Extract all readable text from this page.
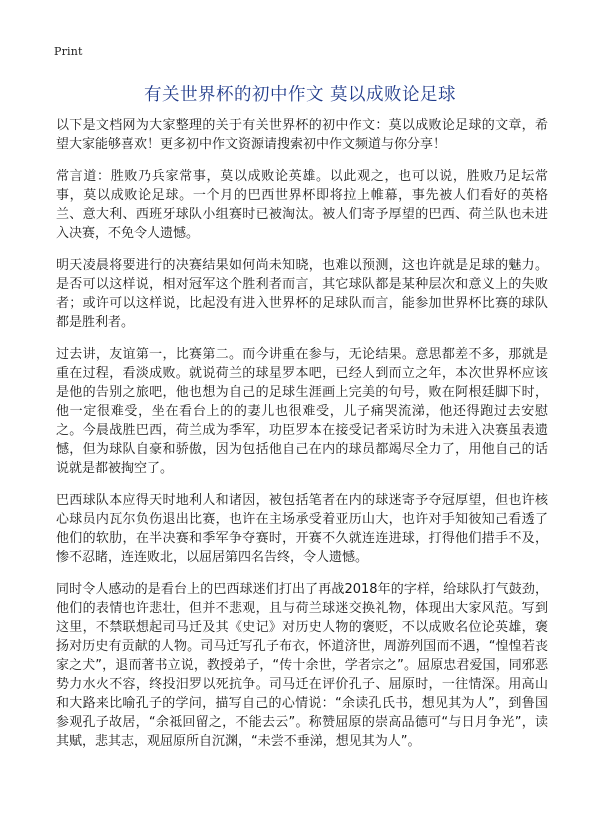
Print
有关世界杯的初中作文 莫以成败论足球

以下是文档网为大家整理的关于有关世界杯的初中作文：莫以成败论足球的文章，希望大家能够喜欢！更多初中作文资源请搜索初中作文频道与你分享！

常言道：胜败乃兵家常事，莫以成败论英雄。以此观之，也可以说，胜败乃足坛常事，莫以成败论足球。一个月的巴西世界杯即将拉上帷幕，事先被人们看好的英格兰、意大利、西班牙球队小组赛时已被淘汰。被人们寄予厚望的巴西、荷兰队也未进入决赛，不免令人遗憾。

明天凌晨将要进行的决赛结果如何尚未知晓，也难以预测，这也许就是足球的魅力。是否可以这样说，相对冠军这个胜利者而言，其它球队都是某种层次和意义上的失败者；或许可以这样说，比起没有进入世界杯的足球队而言，能参加世界杯比赛的球队都是胜利者。

过去讲，友谊第一，比赛第二。而今讲重在参与，无论结果。意思都差不多，那就是重在过程，看淡成败。就说荷兰的球星罗本吧，已经人到而立之年，本次世界杯应该是他的告别之旅吧，他也想为自己的足球生涯画上完美的句号，败在阿根廷脚下时，他一定很难受，坐在看台上的的妻儿也很难受，儿子痛哭流涕，他还得跑过去安慰之。今晨战胜巴西，荷兰成为季军，功臣罗本在接受记者采访时为未进入决赛虽表遗憾，但为球队自豪和骄傲，因为包括他自己在内的球员都竭尽全力了，用他自己的话说就是都被掏空了。

巴西球队本应得天时地利人和诸因，被包括笔者在内的球迷寄予夺冠厚望，但也许核心球员内瓦尔负伤退出比赛，也许在主场承受着亚历山大，也许对手知彼知己看透了他们的软肋，在半决赛和季军争夺赛时，开赛不久就连连进球，打得他们措手不及，惨不忍睹，连连败北，以屈居第四名告终，令人遗憾。

同时令人感动的是看台上的巴西球迷们打出了再战2018年的字样，给球队打气鼓劲，他们的表情也许悲壮，但并不悲观，且与荷兰球迷交换礼物，体现出大家风范。写到这里，不禁联想起司马迁及其《史记》对历史人物的褒贬，不以成败名位论英雄，褒扬对历史有贡献的人物。司马迁写孔子布衣，怀道济世，周游列国而不遇，“惶惶若丧家之犬”，退而著书立说，教授弟子，“传十余世，学者宗之”。屈原忠君爱国，同邪恶势力水火不容，终投汨罗以死抗争。司马迁在评价孔子、屈原时，一往情深。用高山和大路来比喻孔子的学问，描写自己的心情说：“余读孔氏书，想见其为人”，到鲁国参观孔子故居，“余祗回留之，不能去云”。称赞屈原的崇高品德可“与日月争光”，读其赋，悲其志，观屈原所自沉渊，“未尝不垂涕，想见其为人”。
